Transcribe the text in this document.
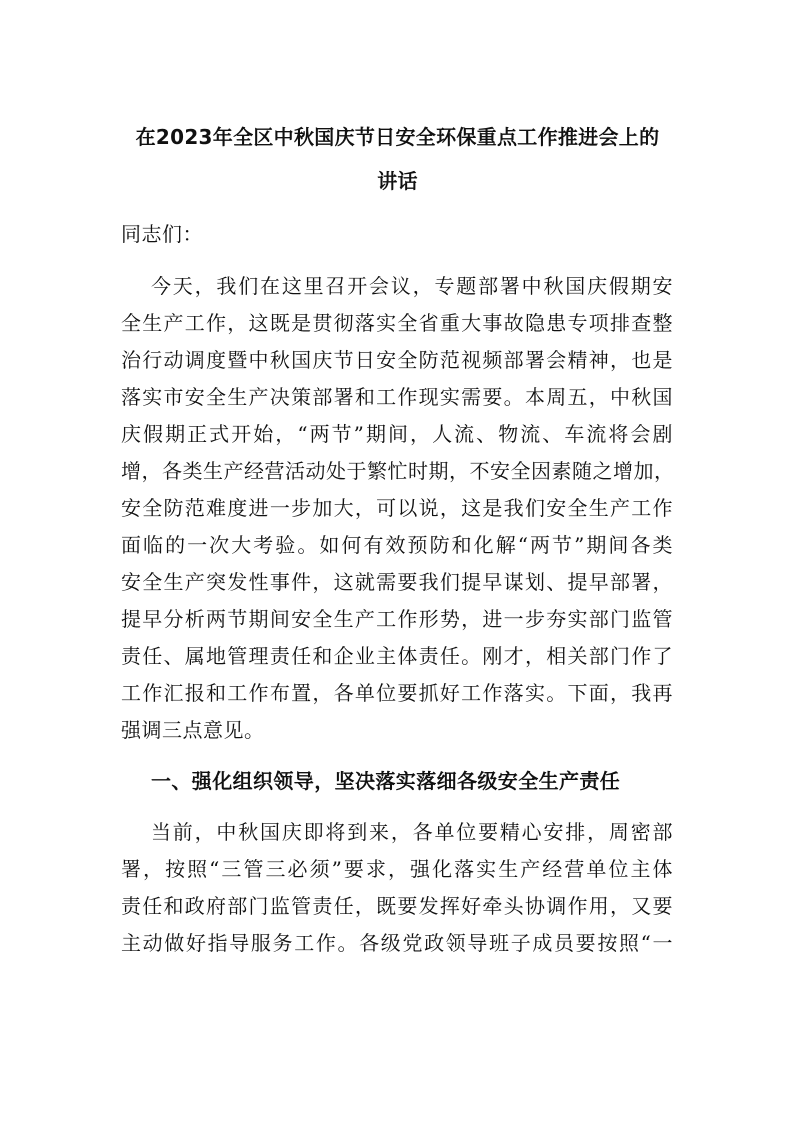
在2023年全区中秋国庆节日安全环保重点工作推进会上的
讲话
同志们：
今天，我们在这里召开会议，专题部署中秋国庆假期安
全生产工作，这既是贯彻落实全省重大事故隐患专项排查整
治行动调度暨中秋国庆节日安全防范视频部署会精神，也是
落实市安全生产决策部署和工作现实需要。本周五，中秋国
庆假期正式开始，“两节”期间，人流、物流、车流将会剧
增，各类生产经营活动处于繁忙时期，不安全因素随之增加，
安全防范难度进一步加大，可以说，这是我们安全生产工作
面临的一次大考验。如何有效预防和化解“两节”期间各类
安全生产突发性事件，这就需要我们提早谋划、提早部署，
提早分析两节期间安全生产工作形势，进一步夯实部门监管
责任、属地管理责任和企业主体责任。刚才，相关部门作了
工作汇报和工作布置，各单位要抓好工作落实。下面，我再
强调三点意见。
一、强化组织领导，坚决落实落细各级安全生产责任
当前，中秋国庆即将到来，各单位要精心安排，周密部
署，按照“三管三必须”要求，强化落实生产经营单位主体
责任和政府部门监管责任，既要发挥好牵头协调作用，又要
主动做好指导服务工作。各级党政领导班子成员要按照“一
